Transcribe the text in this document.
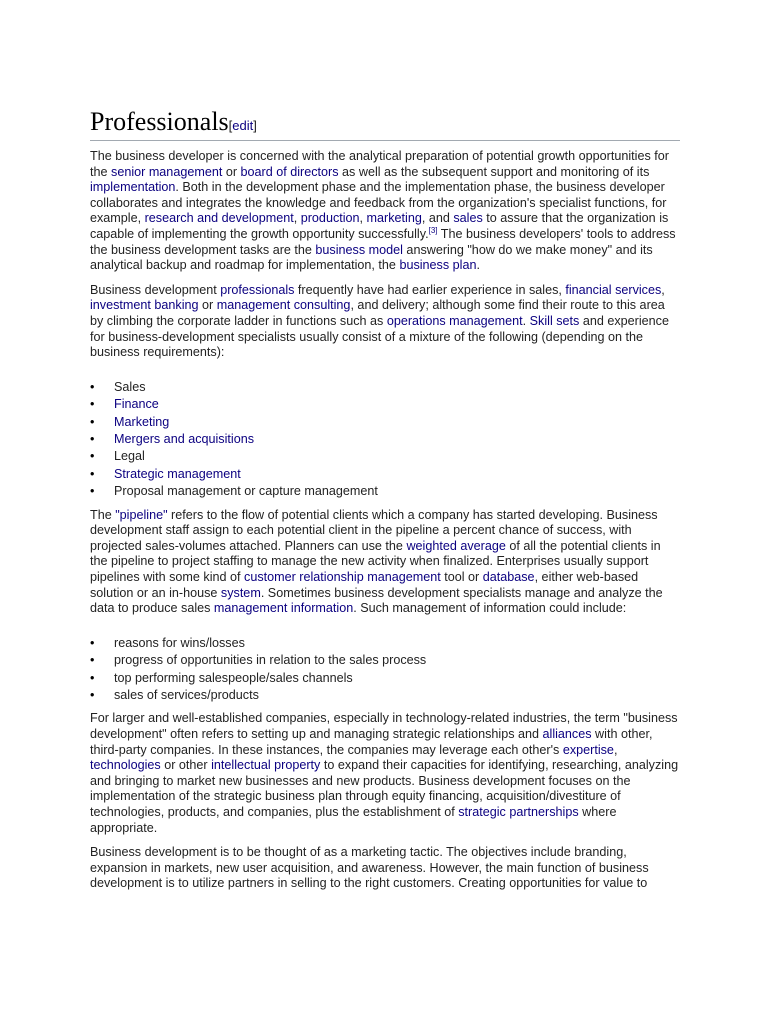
Professionals [ edit ]

The business developer is concerned with the analytical preparation of potential growth opportunities for the senior management or board of directors as well as the subsequent support and monitoring of its implementation. Both in the development phase and the implementation phase, the business developer collaborates and integrates the knowledge and feedback from the organization's specialist functions, for example, research and development, production, marketing, and sales to assure that the organization is capable of implementing the growth opportunity successfully.[3] The business developers' tools to address the business development tasks are the business model answering "how do we make money" and its analytical backup and roadmap for implementation, the business plan.

Business development professionals frequently have had earlier experience in sales, financial services, investment banking or management consulting, and delivery; although some find their route to this area by climbing the corporate ladder in functions such as operations management. Skill sets and experience for business-development specialists usually consist of a mixture of the following (depending on the business requirements):

• Sales
• Finance
• Marketing
• Mergers and acquisitions
• Legal
• Strategic management
• Proposal management or capture management

The "pipeline" refers to the flow of potential clients which a company has started developing. Business development staff assign to each potential client in the pipeline a percent chance of success, with projected sales-volumes attached. Planners can use the weighted average of all the potential clients in the pipeline to project staffing to manage the new activity when finalized. Enterprises usually support pipelines with some kind of customer relationship management tool or database, either web-based solution or an in-house system. Sometimes business development specialists manage and analyze the data to produce sales management information. Such management of information could include:

• reasons for wins/losses
• progress of opportunities in relation to the sales process
• top performing salespeople/sales channels
• sales of services/products

For larger and well-established companies, especially in technology-related industries, the term "business development" often refers to setting up and managing strategic relationships and alliances with other, third-party companies. In these instances, the companies may leverage each other's expertise, technologies or other intellectual property to expand their capacities for identifying, researching, analyzing and bringing to market new businesses and new products. Business development focuses on the implementation of the strategic business plan through equity financing, acquisition/divestiture of technologies, products, and companies, plus the establishment of strategic partnerships where appropriate.

Business development is to be thought of as a marketing tactic. The objectives include branding, expansion in markets, new user acquisition, and awareness. However, the main function of business development is to utilize partners in selling to the right customers. Creating opportunities for value to
